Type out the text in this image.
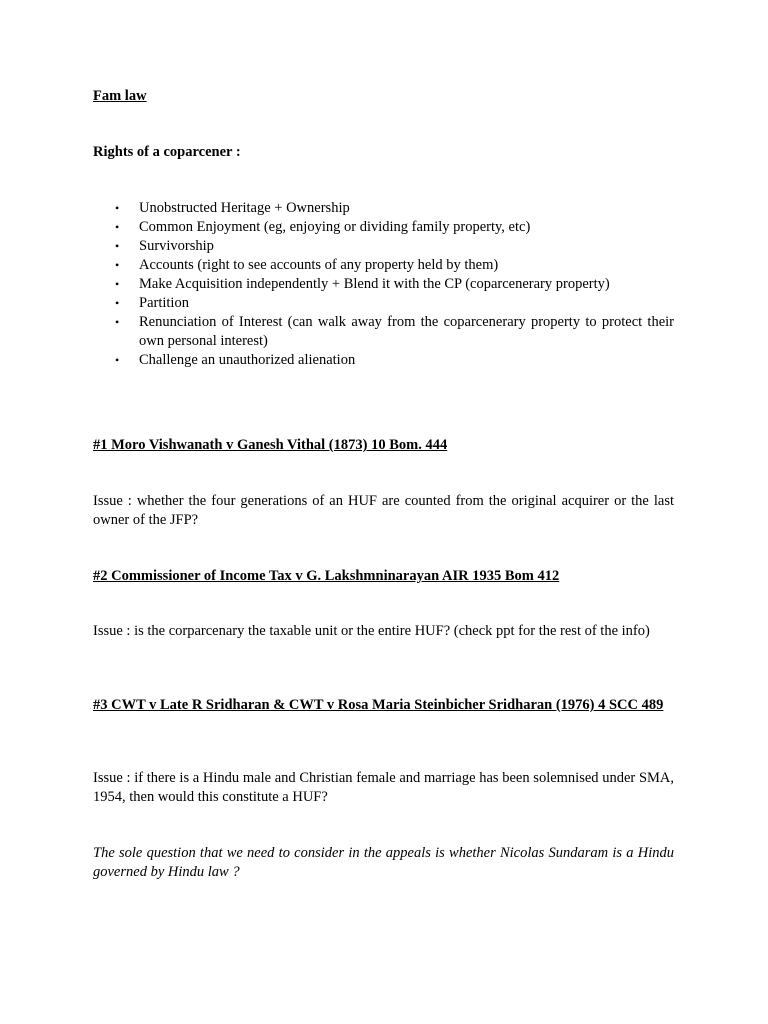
Fam law

Rights of a coparcener :

• Unobstructed Heritage + Ownership
• Common Enjoyment (eg, enjoying or dividing family property, etc)
• Survivorship
• Accounts (right to see accounts of any property held by them)
• Make Acquisition independently + Blend it with the CP (coparcenerary property)
• Partition
• Renunciation of Interest (can walk away from the coparcenerary property to protect their own personal interest)
• Challenge an unauthorized alienation

#1 Moro Vishwanath v Ganesh Vithal (1873) 10 Bom. 444

Issue : whether the four generations of an HUF are counted from the original acquirer or the last owner of the JFP?

#2 Commissioner of Income Tax v G. Lakshmninarayan AIR 1935 Bom 412

Issue : is the corparcenary the taxable unit or the entire HUF? (check ppt for the rest of the info)

#3 CWT v Late R Sridharan & CWT v Rosa Maria Steinbicher Sridharan (1976) 4 SCC 489

Issue : if there is a Hindu male and Christian female and marriage has been solemnised under SMA, 1954, then would this constitute a HUF?

The sole question that we need to consider in the appeals is whether Nicolas Sundaram is a Hindu governed by Hindu law ?
